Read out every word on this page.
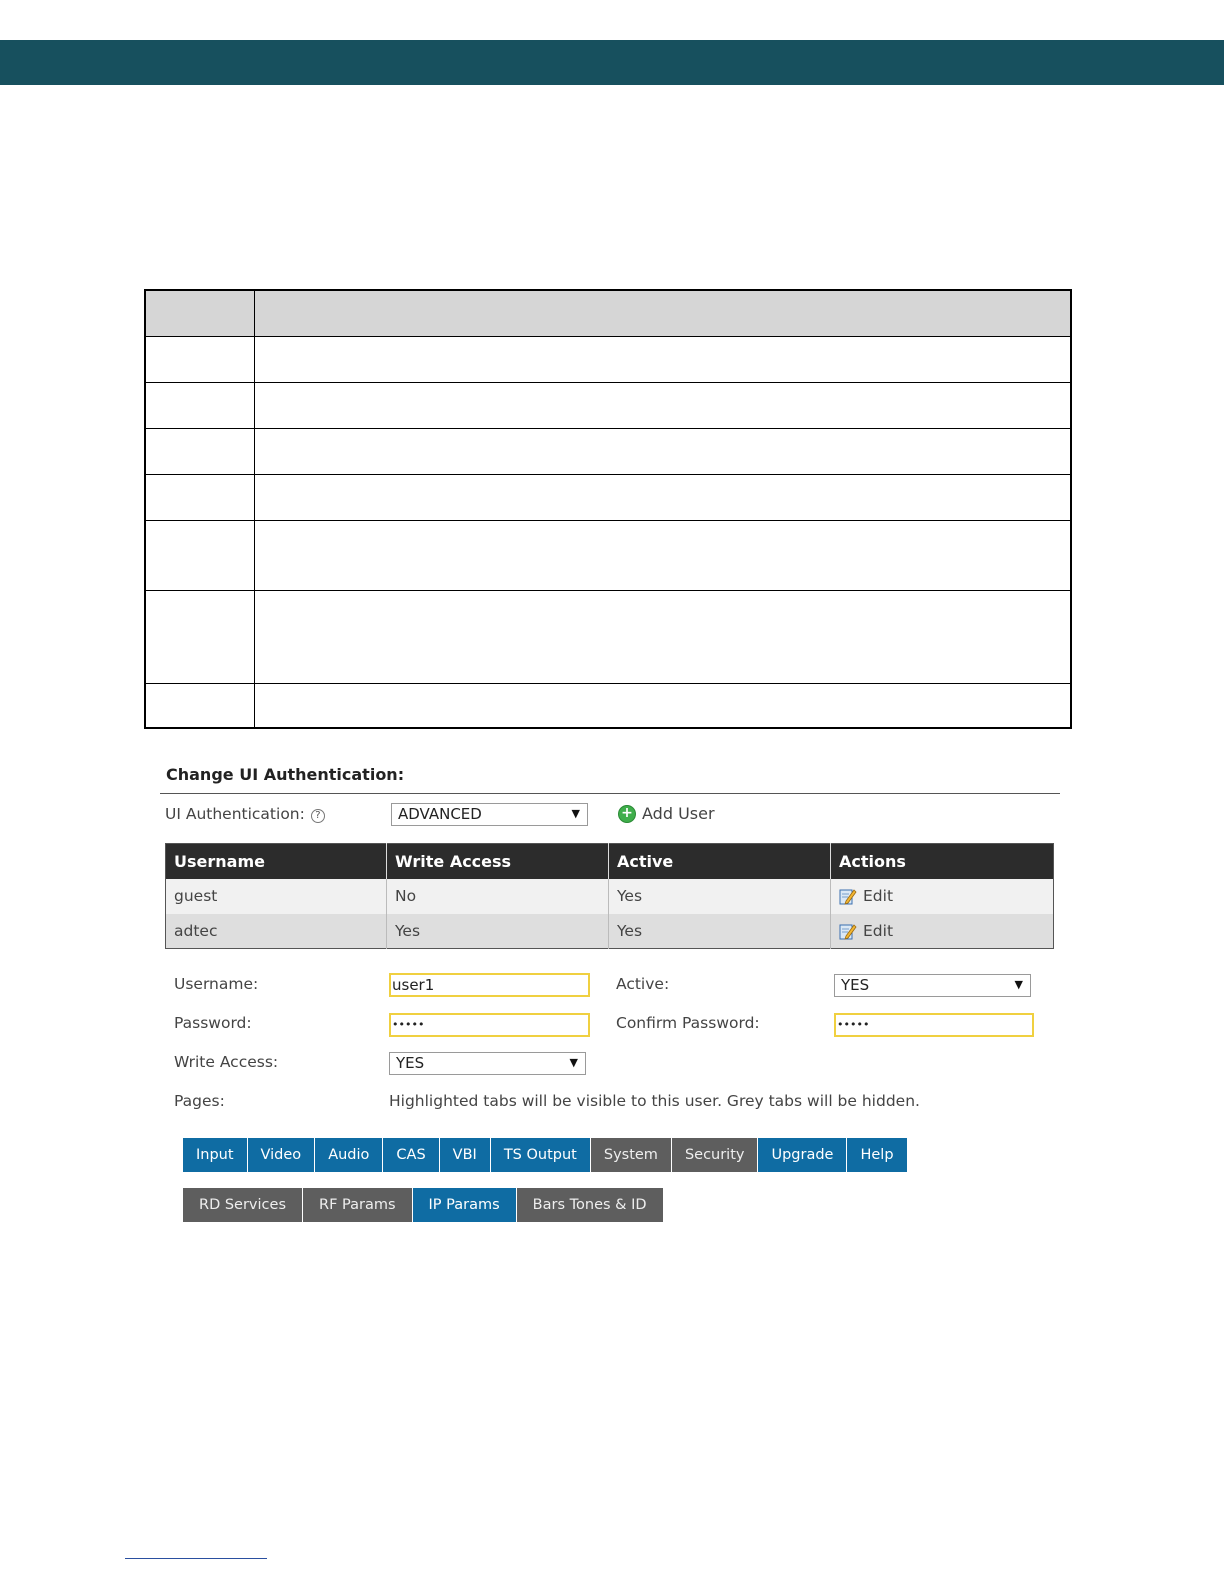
Change UI Authentication:
UI Authentication: ?	ADVANCED	▼	+ Add User
Username	Write Access	Active	Actions
guest	No	Yes	Edit

adtec	Yes	Yes	Edit
Username:	user1	Active:	YES	▼
Password:	•••••	Confirm Password:	•••••
Write Access:	YES	▼
Pages:	Highlighted tabs will be visible to this user. Grey tabs will be hidden.
Input	Video	Audio	CAS	VBI	TS Output	System	Security	Upgrade	Help
RD Services	RF Params	IP Params	Bars Tones & ID
